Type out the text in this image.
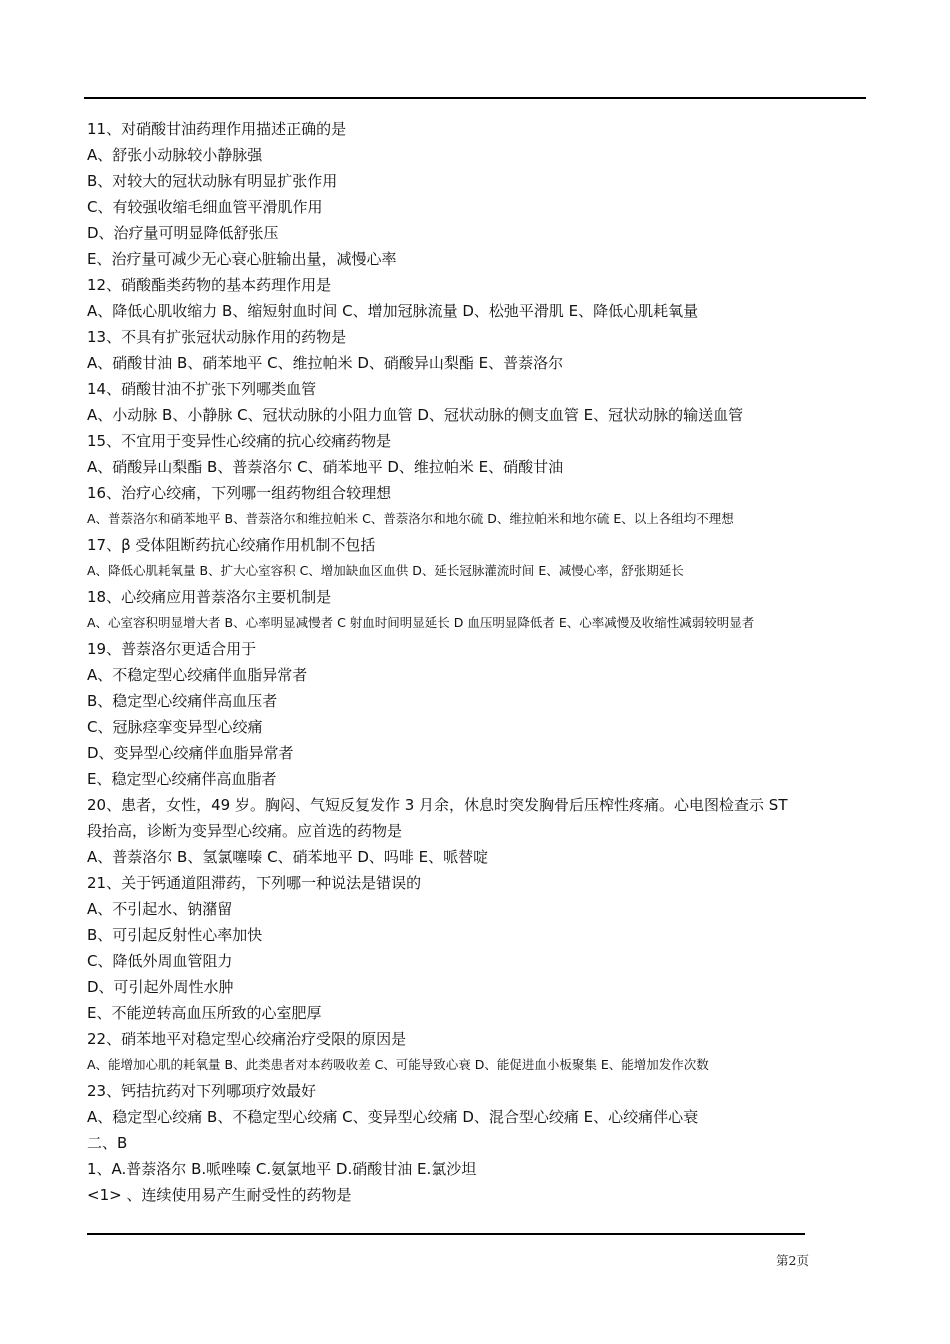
11、对硝酸甘油药理作用描述正确的是
A、舒张小动脉较小静脉强
B、对较大的冠状动脉有明显扩张作用
C、有较强收缩毛细血管平滑肌作用
D、治疗量可明显降低舒张压
E、治疗量可减少无心衰心脏输出量，减慢心率
12、硝酸酯类药物的基本药理作用是
A、降低心肌收缩力 B、缩短射血时间 C、增加冠脉流量 D、松弛平滑肌 E、降低心肌耗氧量
13、不具有扩张冠状动脉作用的药物是
A、硝酸甘油 B、硝苯地平 C、维拉帕米 D、硝酸异山梨酯 E、普萘洛尔
14、硝酸甘油不扩张下列哪类血管
A、小动脉 B、小静脉 C、冠状动脉的小阻力血管 D、冠状动脉的侧支血管 E、冠状动脉的输送血管
15、不宜用于变异性心绞痛的抗心绞痛药物是
A、硝酸异山梨酯 B、普萘洛尔 C、硝苯地平 D、维拉帕米 E、硝酸甘油
16、治疗心绞痛，下列哪一组药物组合较理想
A、普萘洛尔和硝苯地平 B、普萘洛尔和维拉帕米 C、普萘洛尔和地尔硫 D、维拉帕米和地尔硫 E、以上各组均不理想
17、β 受体阻断药抗心绞痛作用机制不包括
A、降低心肌耗氧量 B、扩大心室容积 C、增加缺血区血供 D、延长冠脉灌流时间 E、减慢心率，舒张期延长
18、心绞痛应用普萘洛尔主要机制是
A、心室容积明显增大者 B、心率明显减慢者 C 射血时间明显延长 D 血压明显降低者 E、心率减慢及收缩性减弱较明显者
19、普萘洛尔更适合用于
A、不稳定型心绞痛伴血脂异常者
B、稳定型心绞痛伴高血压者
C、冠脉痉挛变异型心绞痛
D、变异型心绞痛伴血脂异常者
E、稳定型心绞痛伴高血脂者
20、患者，女性，49 岁。胸闷、气短反复发作 3 月余，休息时突发胸骨后压榨性疼痛。心电图检查示 ST
段抬高，诊断为变异型心绞痛。应首选的药物是
A、普萘洛尔 B、氢氯噻嗪 C、硝苯地平 D、吗啡 E、哌替啶
21、关于钙通道阻滞药，下列哪一种说法是错误的
A、不引起水、钠潴留
B、可引起反射性心率加快
C、降低外周血管阻力
D、可引起外周性水肿
E、不能逆转高血压所致的心室肥厚
22、硝苯地平对稳定型心绞痛治疗受限的原因是
A、能增加心肌的耗氧量 B、此类患者对本药吸收差 C、可能导致心衰 D、能促进血小板聚集 E、能增加发作次数
23、钙拮抗药对下列哪项疗效最好
A、稳定型心绞痛 B、不稳定型心绞痛 C、变异型心绞痛 D、混合型心绞痛 E、心绞痛伴心衰
二、B
1、A.普萘洛尔 B.哌唑嗪 C.氨氯地平 D.硝酸甘油 E.氯沙坦
<1> 、连续使用易产生耐受性的药物是
第2页
